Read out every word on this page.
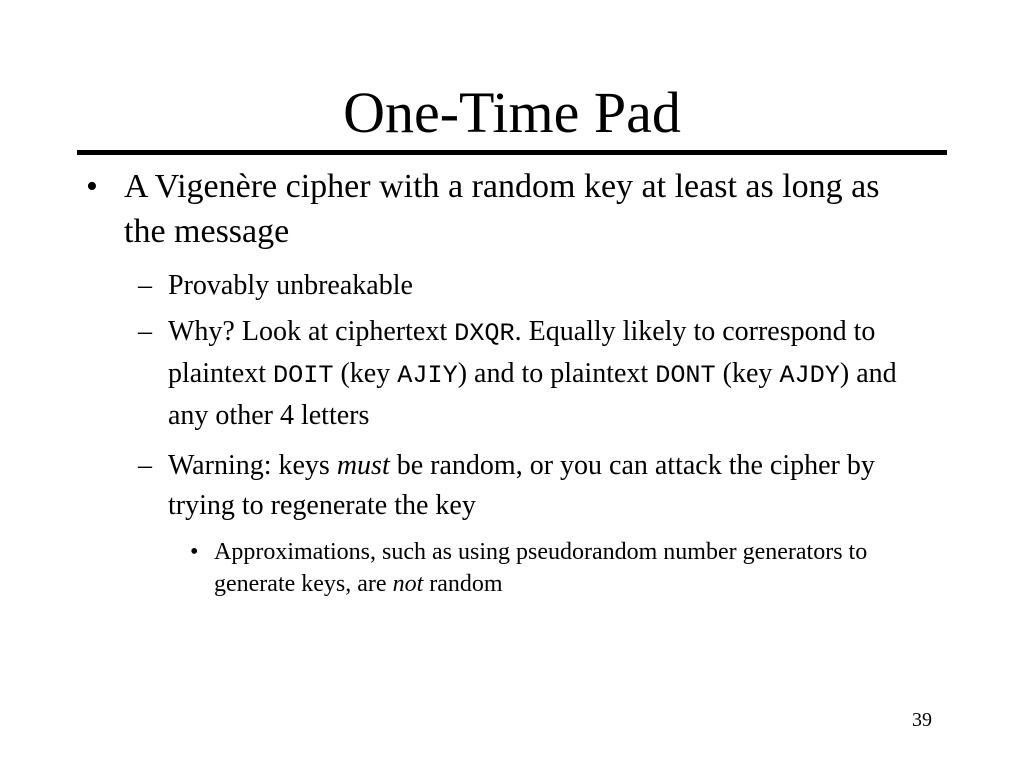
One-Time Pad
• A Vigenère cipher with a random key at least as long as the message
– Provably unbreakable
– Why? Look at ciphertext DXQR. Equally likely to correspond to plaintext DOIT (key AJIY) and to plaintext DONT (key AJDY) and any other 4 letters
– Warning: keys must be random, or you can attack the cipher by trying to regenerate the key
• Approximations, such as using pseudorandom number generators to generate keys, are not random
39
